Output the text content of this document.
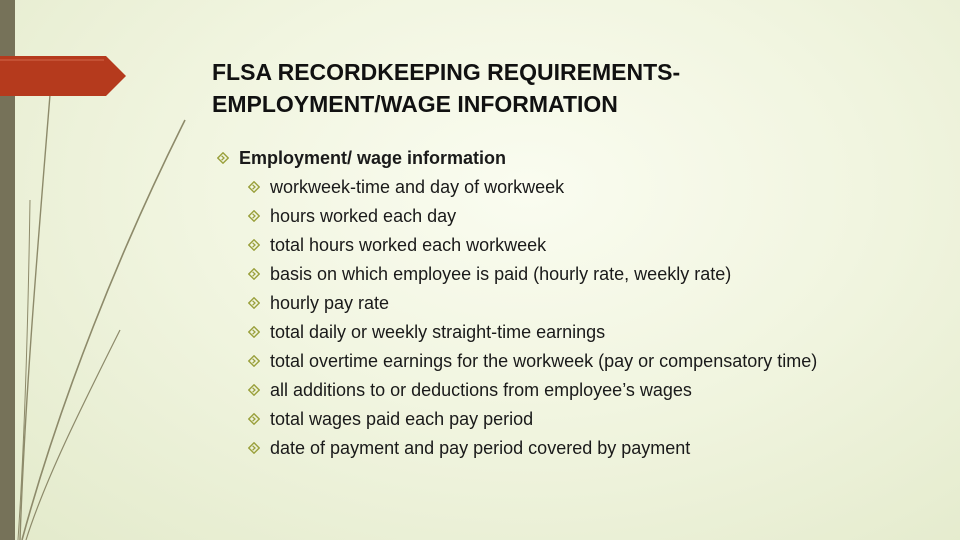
FLSA RECORDKEEPING REQUIREMENTS-
EMPLOYMENT/WAGE INFORMATION
Employment/ wage information
workweek-time and day of workweek
hours worked each day
total hours worked each workweek
basis on which employee is paid (hourly rate, weekly rate)
hourly pay rate
total daily or weekly straight-time earnings
total overtime earnings for the workweek (pay or compensatory time)
all additions to or deductions from employee’s wages
total wages paid each pay period
date of payment and pay period covered by payment
